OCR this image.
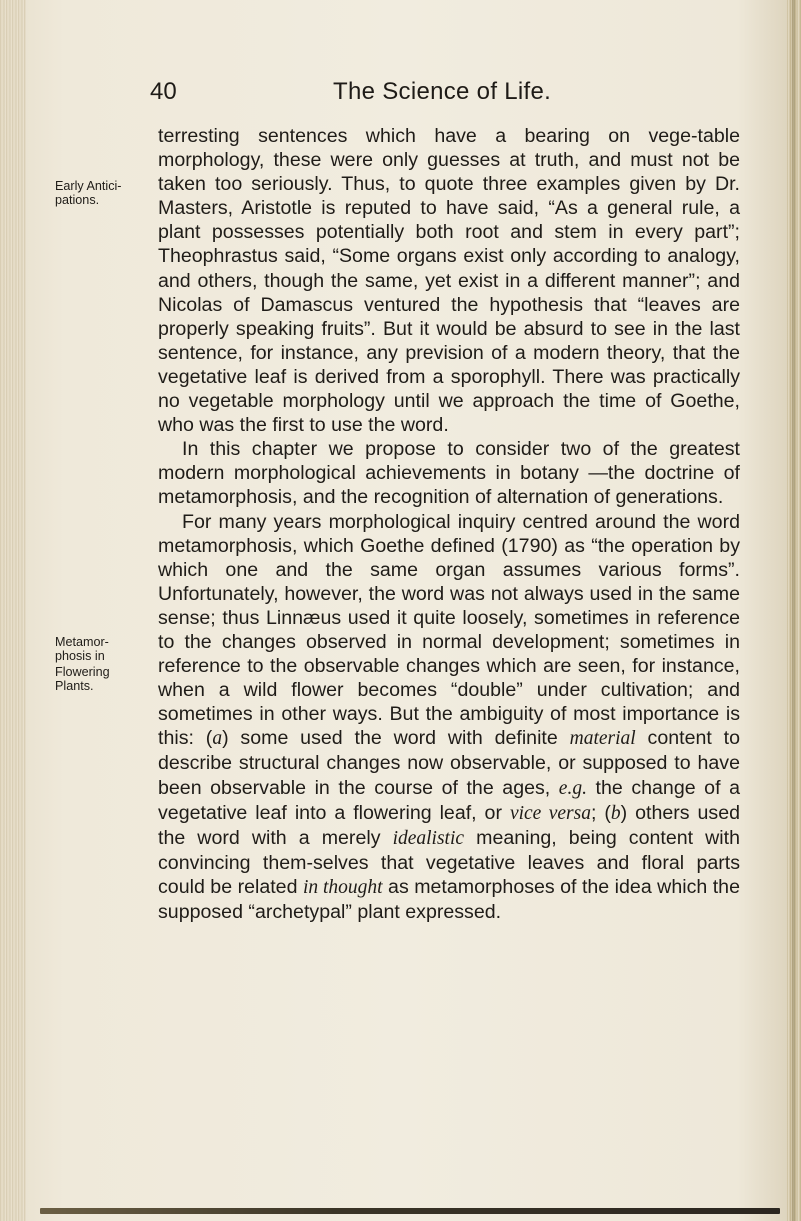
40	The Science of Life.
Early Antici-
pations.
Metamor-
phosis in
Flowering
Plants.

terresting sentences which have a bearing on vege-table morphology, these were only guesses at truth, and must not be taken too seriously. Thus, to quote three examples given by Dr. Masters, Aristotle is reputed to have said, “As a general rule, a plant possesses potentially both root and stem in every part”; Theophrastus said, “Some organs exist only according to analogy, and others, though the same, yet exist in a different manner”; and Nicolas of Damascus ventured the hypothesis that “leaves are properly speaking fruits”. But it would be absurd to see in the last sentence, for instance, any prevision of a modern theory, that the vegetative leaf is derived from a sporophyll. There was practically no vegetable morphology until we approach the time of Goethe, who was the first to use the word.

In this chapter we propose to consider two of the greatest modern morphological achievements in botany —the doctrine of metamorphosis, and the recognition of alternation of generations.

For many years morphological inquiry centred around the word metamorphosis, which Goethe defined (1790) as “the operation by which one and the same organ assumes various forms”. Unfortunately, however, the word was not always used in the same sense; thus Linnæus used it quite loosely, sometimes in reference to the changes observed in normal development; sometimes in reference to the observable changes which are seen, for instance, when a wild flower becomes “double” under cultivation; and sometimes in other ways. But the ambiguity of most importance is this: (a) some used the word with definite material content to describe structural changes now observable, or supposed to have been observable in the course of the ages, e.g. the change of a vegetative leaf into a flowering leaf, or vice versa; (b) others used the word with a merely idealistic meaning, being content with convincing them-selves that vegetative leaves and floral parts could be related in thought as metamorphoses of the idea which the supposed “archetypal” plant expressed.
